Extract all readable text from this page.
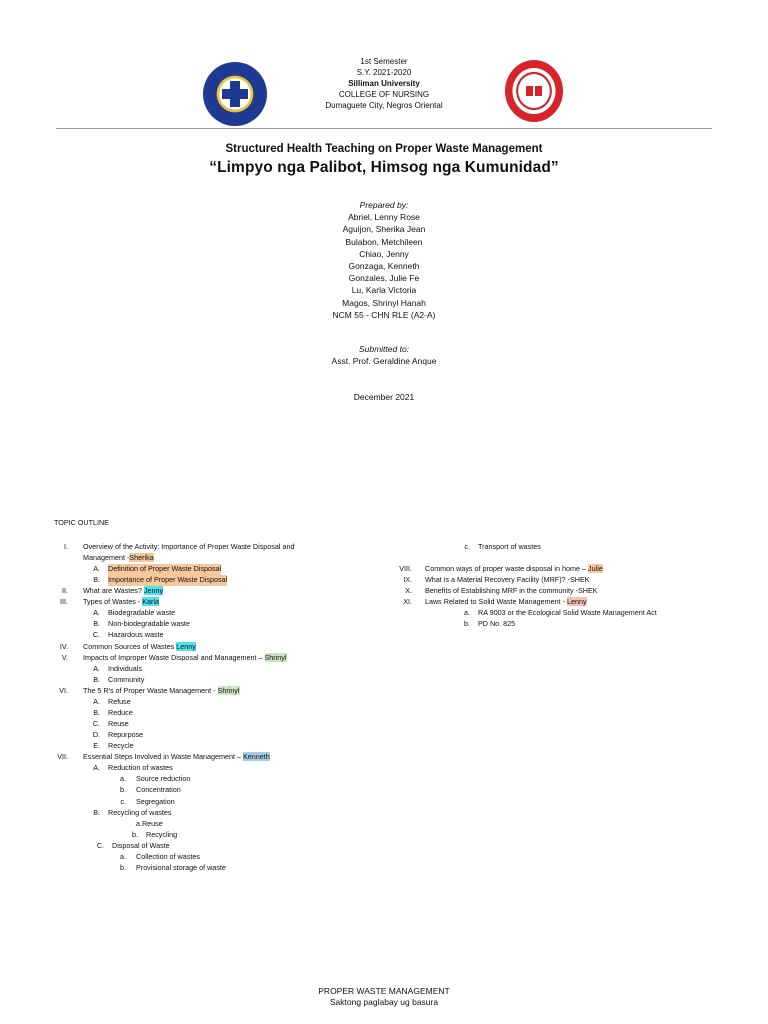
1st Semester
S.Y. 2021-2020
Silliman University
COLLEGE OF NURSING
Dumaguete City, Negros Oriental
Structured Health Teaching on Proper Waste Management
“Limpyo nga Palibot, Himsog nga Kumunidad”
Prepared by:
Abriel, Lenny Rose
Aguijon, Sherika Jean
Bulabon, Metchileen
Chiao, Jenny
Gonzaga, Kenneth
Gonzales, Julie Fe
Lu, Karla Victoria
Magos, Shrinyl Hanah
NCM 55 - CHN RLE (A2-A)
Submitted to:
Asst. Prof. Geraldine Anque
December 2021
TOPIC OUTLINE
I. Overview of the Activity: Importance of Proper Waste Disposal and
Management -Sherika
A. Definition of Proper Waste Disposal
B. Importance of Proper Waste Disposal
II. What are Wastes? Jenny
III. Types of Wastes - Karla
A. Biodegradable waste
B. Non-biodegradable waste
C. Hazardous waste
IV. Common Sources of Wastes Lenny
V. Impacts of Improper Waste Disposal and Management – Shrinyl
A. Individuals
B. Community
VI. The 5 R's of Proper Waste Management - Shrinyl
A. Refuse
B. Reduce
C. Reuse
D. Repurpose
E. Recycle
VII. Essential Steps Involved in Waste Management – Kenneth
A. Reduction of wastes
a. Source reduction
b. Concentration
c. Segregation
B. Recycling of wastes
a.Reuse
b. Recycling
C. Disposal of Waste
a. Collection of wastes
b. Provisional storage of waste
c. Transport of wastes
VIII. Common ways of proper waste disposal in home – Julie
IX. What is a Material Recovery Facility (MRF)? -SHEK
X. Benefits of Establishing MRF in the community -SHEK
XI. Laws Related to Solid Waste Management - Lenny
a. RA 9003 or the Ecological Solid Waste Management Act
b. PD No. 825
PROPER WASTE MANAGEMENT
Saktong paglabay ug basura
